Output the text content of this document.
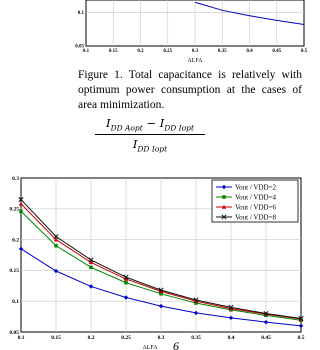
0.05
0.1
0.1	0.15	0.2	0.25	0.3	0.35	0.4	0.45	0.5
ALFA

Figure 1. Total capacitance is relatively with optimum power consumption at the cases of area minimization.

$I_{DD Aopt} - I_{DD Iopt}$
$I_{DD Iopt}$
0.05
0.1
0.15
0.2
0.25
0.3
0.1	0.15	0.2	0.25	0.3	0.35	0.4	0.45	0.5
Vout / VDD=2
Vout / VDD=4
Vout / VDD=6
Vout / VDD=8
ALFA 6
